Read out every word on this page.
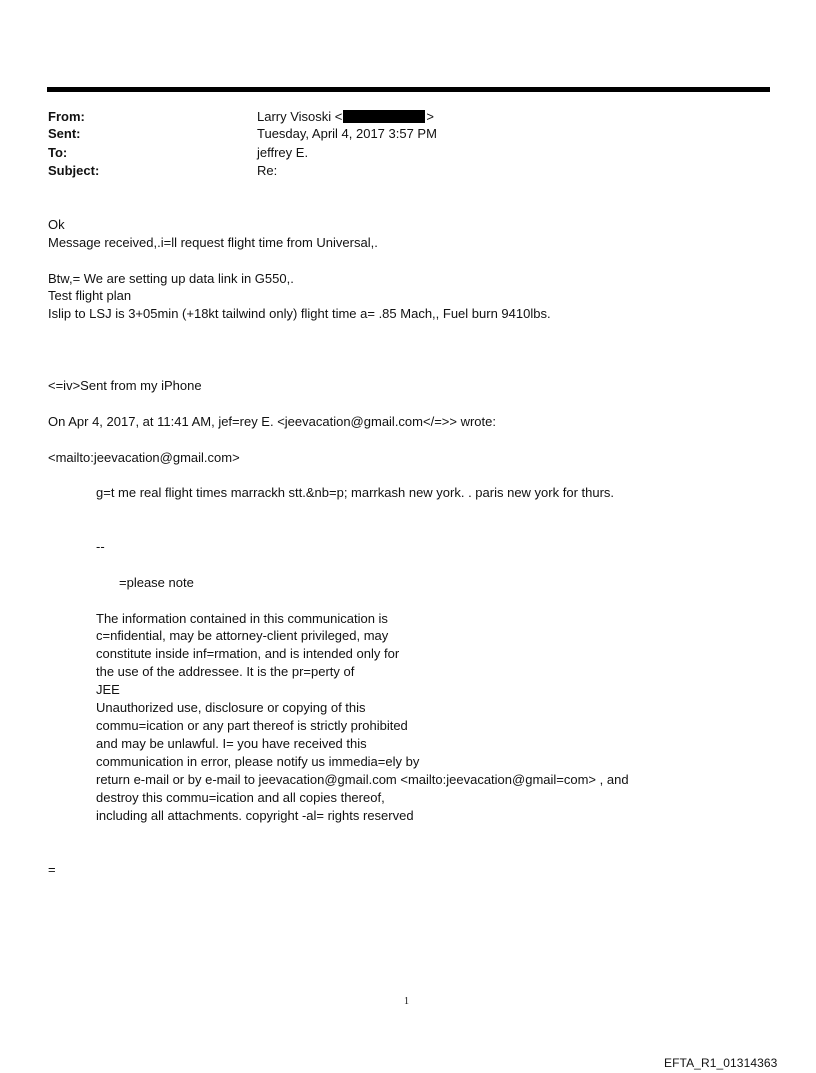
From:	Larry Visoski <	>
Sent:	Tuesday, April 4, 2017 3:57 PM
To:	jeffrey E.
Subject:	Re:
Ok
Message received,.i=ll request flight time from Universal,.
Btw,= We are setting up data link in G550,.
Test flight plan
Islip to LSJ is 3+05min (+18kt tailwind only) flight time a= .85 Mach,, Fuel burn 9410lbs.
<=iv>Sent from my iPhone
On Apr 4, 2017, at 11:41 AM, jef=rey E. <jeevacation@gmail.com</=>> wrote:
<mailto:jeevacation@gmail.com>
g=t me real flight times marrackh stt.&nb=p; marrkash new york. . paris new york for thurs.
--
=please note
The information contained in this communication is
c=nfidential, may be attorney-client privileged, may
constitute inside inf=rmation, and is intended only for
the use of the addressee. It is the pr=perty of
JEE
Unauthorized use, disclosure or copying of this
commu=ication or any part thereof is strictly prohibited
and may be unlawful. I= you have received this
communication in error, please notify us immedia=ely by
return e-mail or by e-mail to jeevacation@gmail.com <mailto:jeevacation@gmail=com> , and
destroy this commu=ication and all copies thereof,
including all attachments. copyright -al= rights reserved
=
1
EFTA_R1_01314363
